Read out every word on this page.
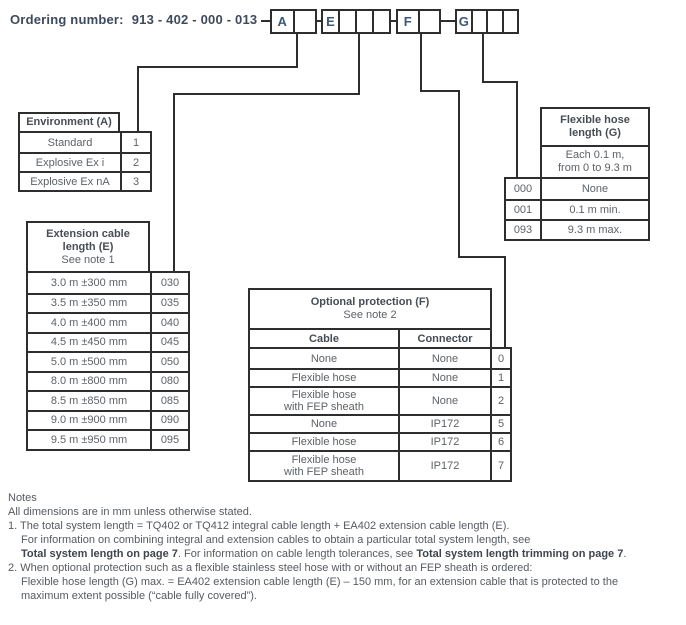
Ordering number: 913 - 402 - 000 - 013	A	E	F	G
Environment (A)
Standard	1
Explosive Ex i	2
Explosive Ex nA	3
Extension cable
length (E)
See note 1
3.0 m ±300 mm	030
3.5 m ±350 mm	035
4.0 m ±400 mm	040
4.5 m ±450 mm	045
5.0 m ±500 mm	050
8.0 m ±800 mm	080
8.5 m ±850 mm	085
9.0 m ±900 mm	090
9.5 m ±950 mm	095
Flexible hose
length (G)
Each 0.1 m,
from 0 to 9.3 m
000	None
001	0.1 m min.
093	9.3 m max.
Optional protection (F)
See note 2
Cable	Connector
None	None	0
Flexible hose	None	1
Flexible hose
with FEP sheath	None	2
None	IP172	5
Flexible hose	IP172	6
Flexible hose
with FEP sheath	IP172	7
Notes
All dimensions are in mm unless otherwise stated.
1. The total system length = TQ402 or TQ412 integral cable length + EA402 extension cable length (E).
For information on combining integral and extension cables to obtain a particular total system length, see
Total system length on page 7. For information on cable length tolerances, see Total system length trimming on page 7.
2. When optional protection such as a flexible stainless steel hose with or without an FEP sheath is ordered:
Flexible hose length (G) max. = EA402 extension cable length (E) – 150 mm, for an extension cable that is protected to the
maximum extent possible (“cable fully covered”).
